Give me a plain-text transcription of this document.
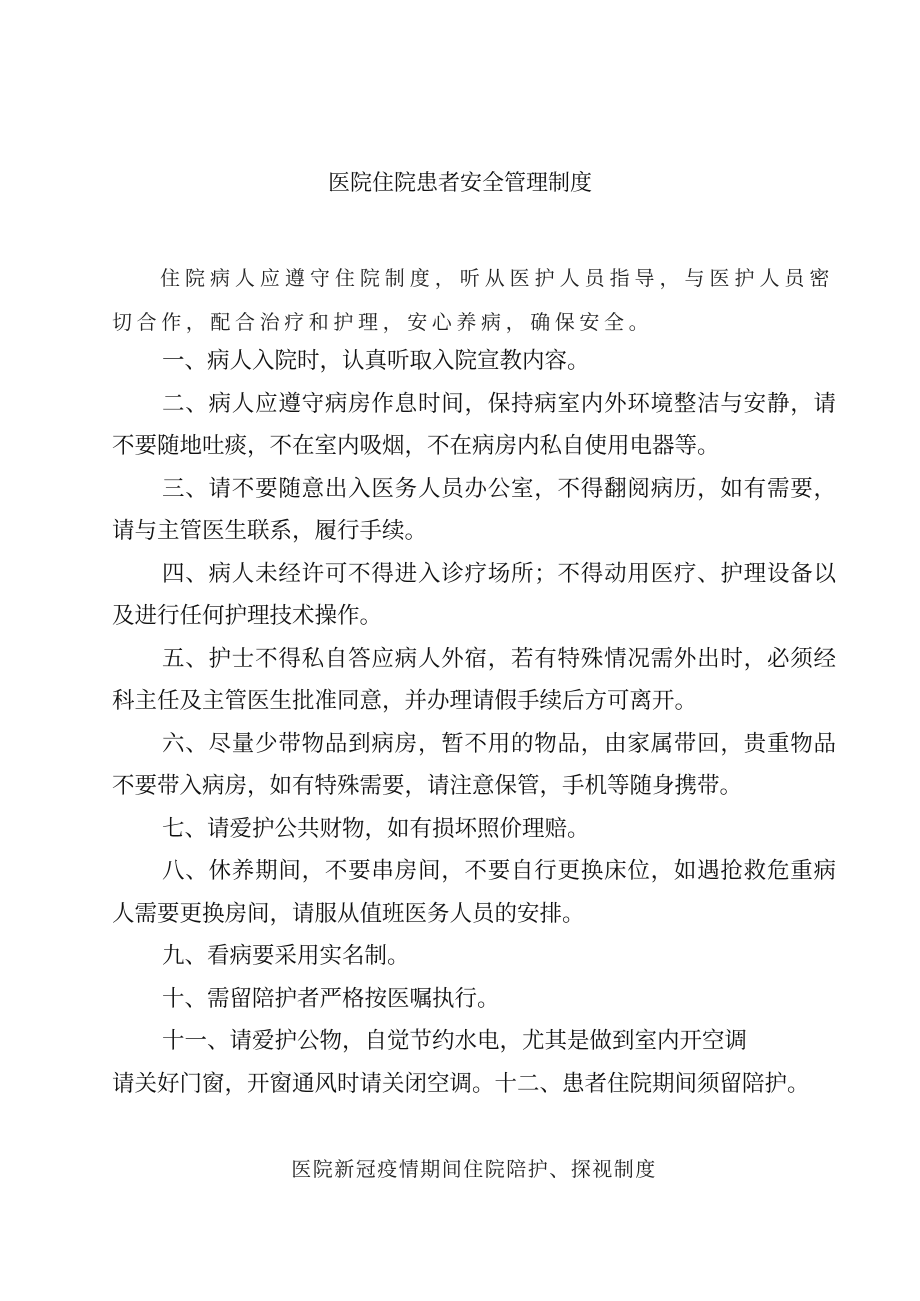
医院住院患者安全管理制度
住院病人应遵守住院制度，听从医护人员指导，与医护人员密切合作，配合治疗和护理，安心养病，确保安全。

一、病人入院时，认真听取入院宣教内容。

二、病人应遵守病房作息时间，保持病室内外环境整洁与安静，请不要随地吐痰，不在室内吸烟，不在病房内私自使用电器等。

三、请不要随意出入医务人员办公室，不得翻阅病历，如有需要，请与主管医生联系，履行手续。

四、病人未经许可不得进入诊疗场所；不得动用医疗、护理设备以及进行任何护理技术操作。

五、护士不得私自答应病人外宿，若有特殊情况需外出时，必须经科主任及主管医生批准同意，并办理请假手续后方可离开。

六、尽量少带物品到病房，暂不用的物品，由家属带回，贵重物品不要带入病房，如有特殊需要，请注意保管，手机等随身携带。

七、请爱护公共财物，如有损坏照价理赔。

八、休养期间，不要串房间，不要自行更换床位，如遇抢救危重病人需要更换房间，请服从值班医务人员的安排。

九、看病要采用实名制。

十、需留陪护者严格按医嘱执行。

十一、请爱护公物，自觉节约水电，尤其是做到室内开空调

请关好门窗，开窗通风时请关闭空调。十二、患者住院期间须留陪护。

医院新冠疫情期间住院陪护、探视制度
